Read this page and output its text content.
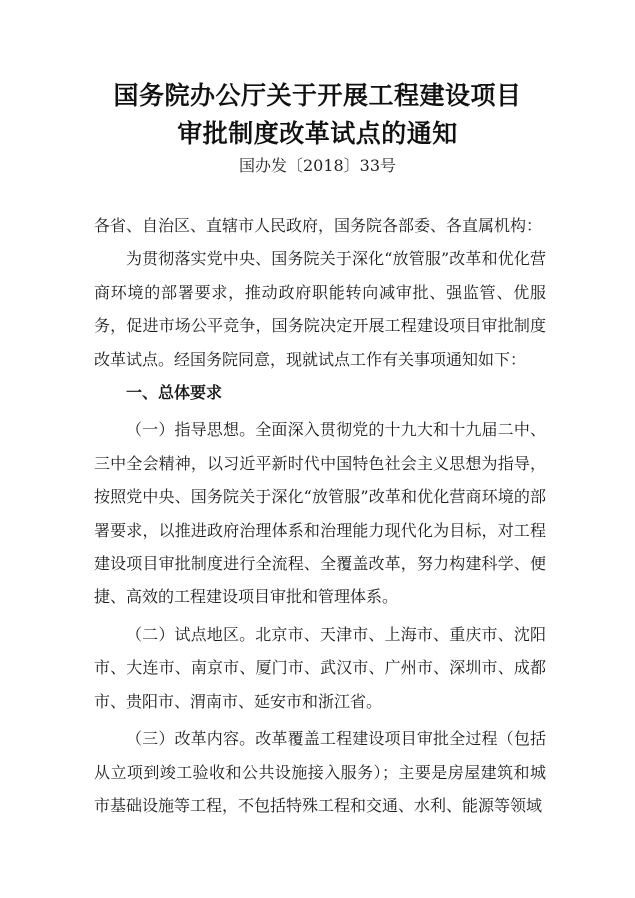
国务院办公厅关于开展工程建设项目
审批制度改革试点的通知
国办发〔2018〕33号

各省、自治区、直辖市人民政府，国务院各部委、各直属机构：

为贯彻落实党中央、国务院关于深化“放管服”改革和优化营商环境的部署要求，推动政府职能转向减审批、强监管、优服务，促进市场公平竞争，国务院决定开展工程建设项目审批制度改革试点。经国务院同意，现就试点工作有关事项通知如下：

一、总体要求

（一）指导思想。全面深入贯彻党的十九大和十九届二中、三中全会精神，以习近平新时代中国特色社会主义思想为指导，按照党中央、国务院关于深化“放管服”改革和优化营商环境的部署要求，以推进政府治理体系和治理能力现代化为目标，对工程建设项目审批制度进行全流程、全覆盖改革，努力构建科学、便捷、高效的工程建设项目审批和管理体系。

（二）试点地区。北京市、天津市、上海市、重庆市、沈阳市、大连市、南京市、厦门市、武汉市、广州市、深圳市、成都市、贵阳市、渭南市、延安市和浙江省。

（三）改革内容。改革覆盖工程建设项目审批全过程（包括从立项到竣工验收和公共设施接入服务）；主要是房屋建筑和城市基础设施等工程，不包括特殊工程和交通、水利、能源等领域
